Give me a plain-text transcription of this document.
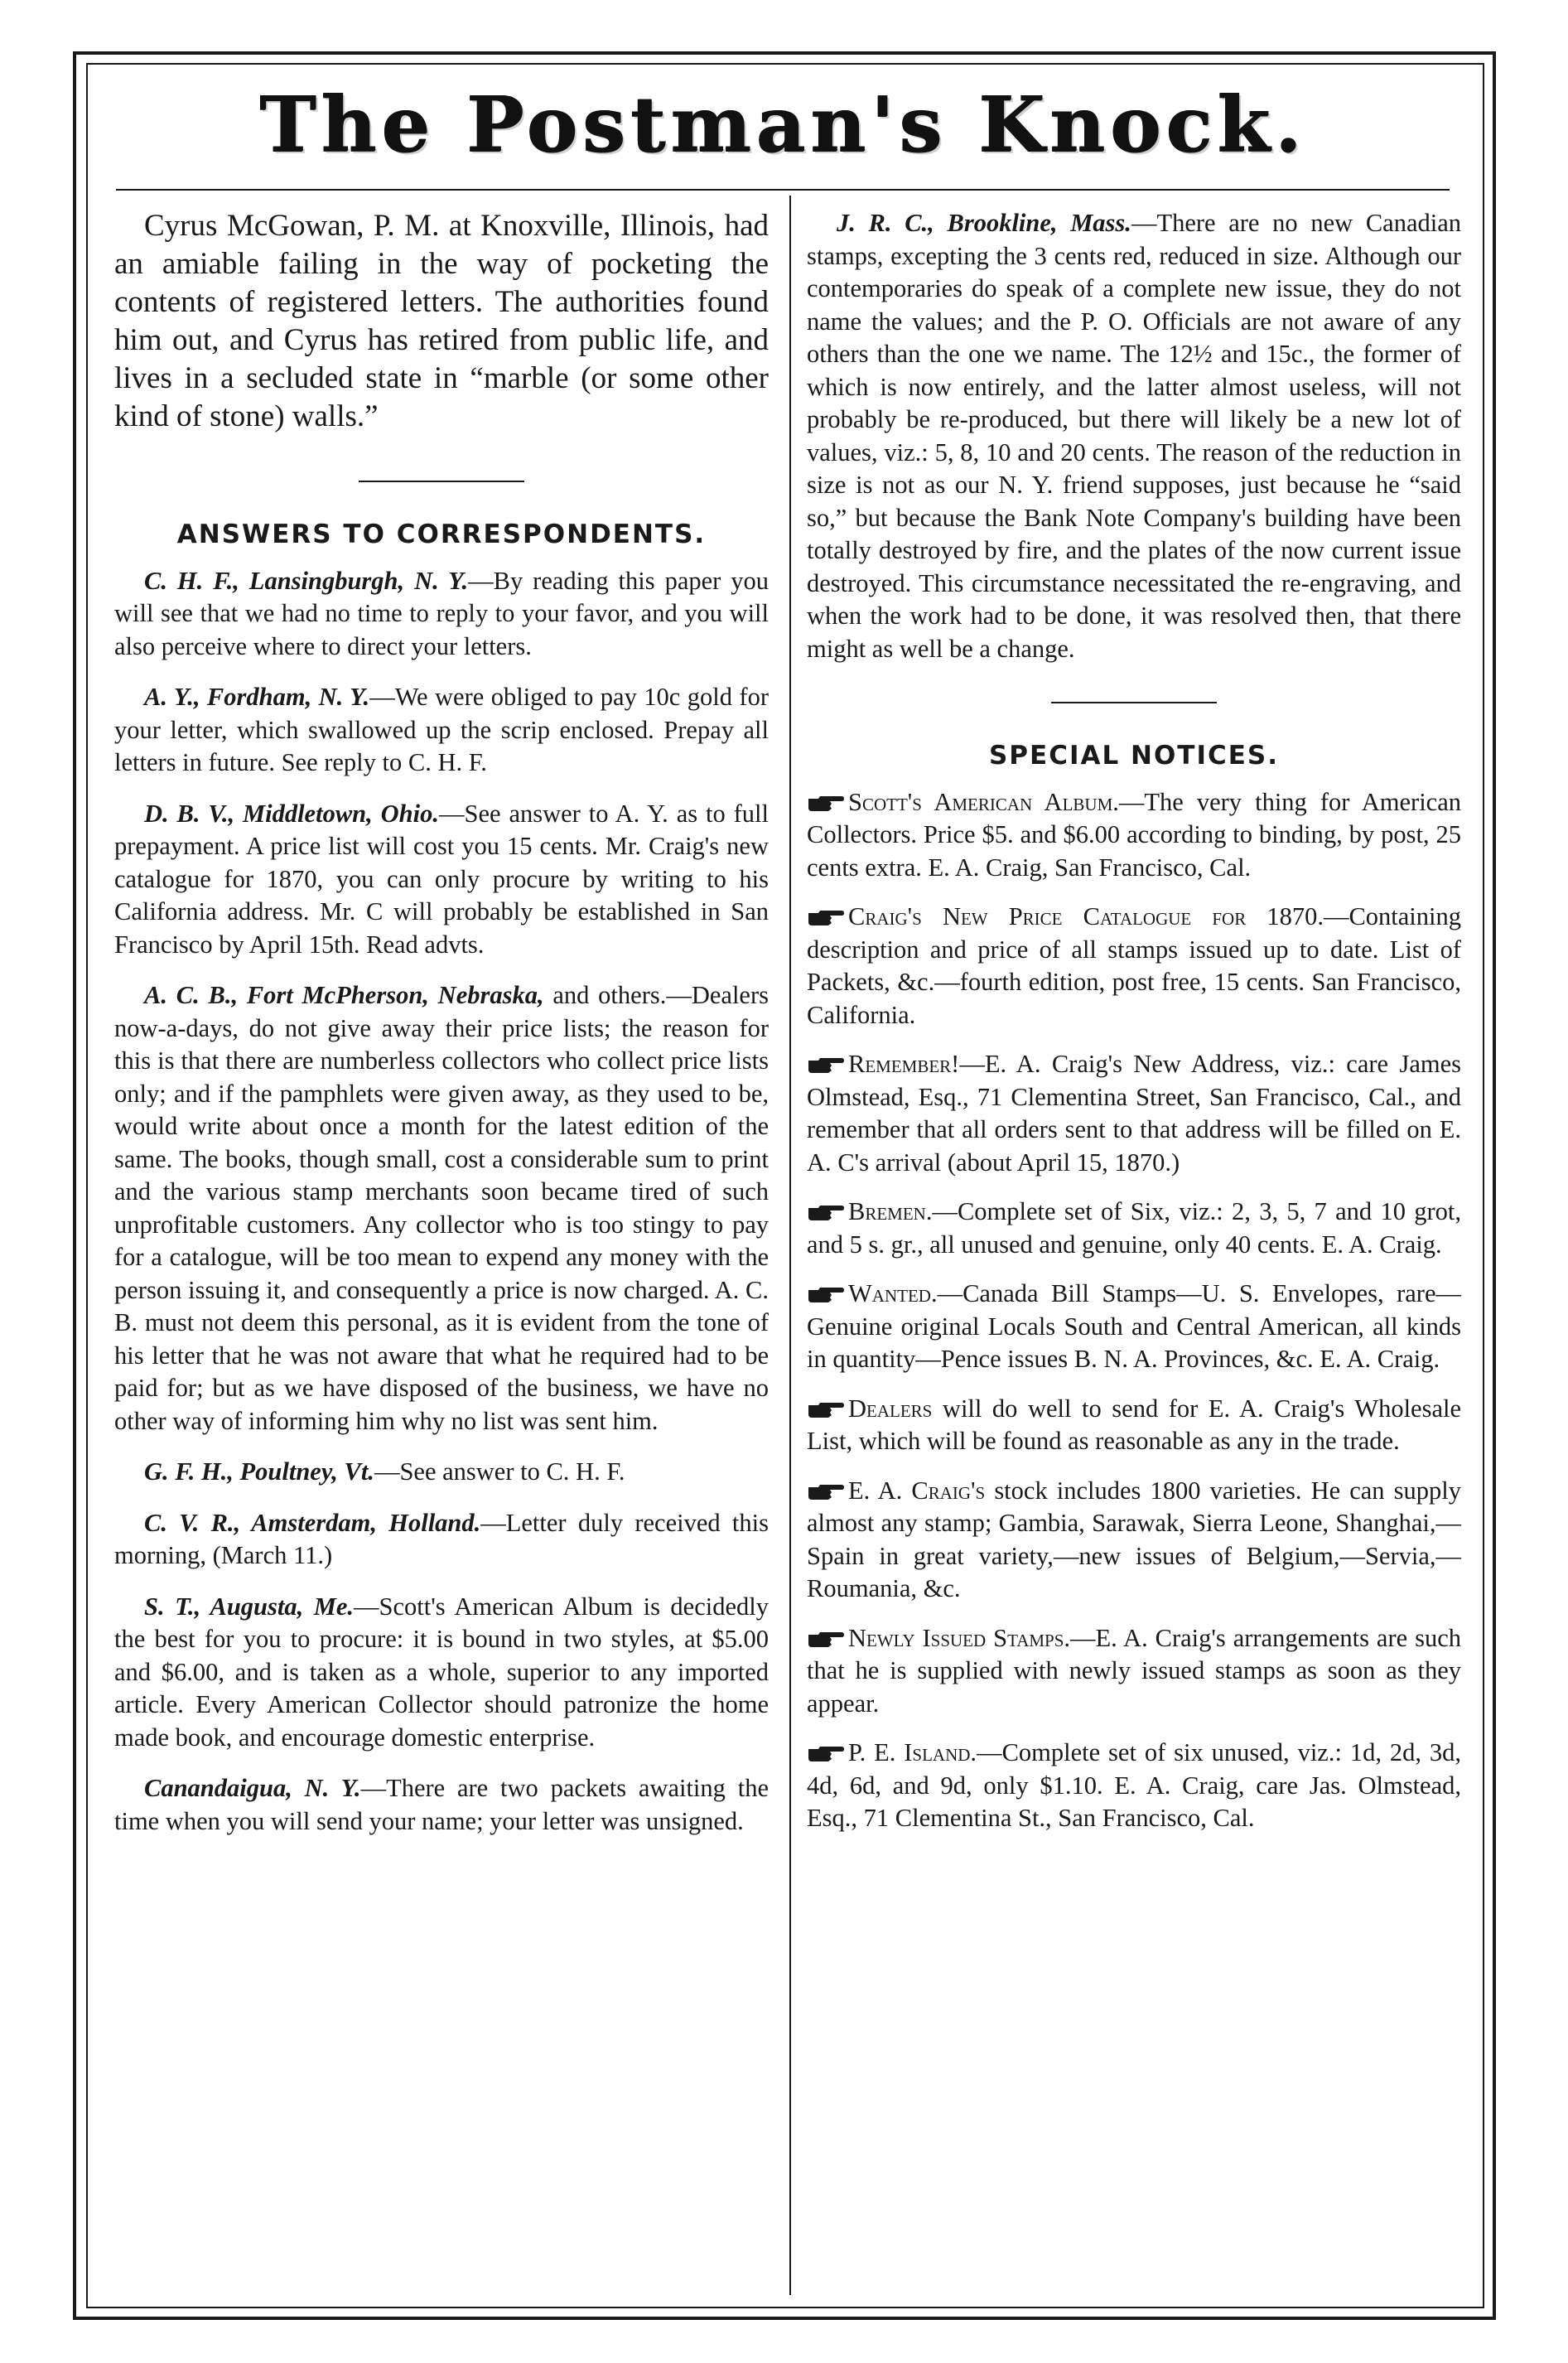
The Postman's Knock.

Cyrus McGowan, P. M. at Knoxville, Illinois, had an amiable failing in the way of pocketing the contents of registered letters. The authorities found him out, and Cyrus has retired from public life, and lives in a secluded state in “marble (or some other kind of stone) walls.”

ANSWERS TO CORRESPONDENTS.

C. H. F., Lansingburgh, N. Y.—By reading this paper you will see that we had no time to reply to your favor, and you will also perceive where to direct your letters.

A. Y., Fordham, N. Y.—We were obliged to pay 10c gold for your letter, which swallowed up the scrip enclosed. Prepay all letters in future. See reply to C. H. F.

D. B. V., Middletown, Ohio.—See answer to A. Y. as to full prepayment. A price list will cost you 15 cents. Mr. Craig's new catalogue for 1870, you can only procure by writing to his California address. Mr. C will probably be established in San Francisco by April 15th. Read advts.

A. C. B., Fort McPherson, Nebraska, and others.—Dealers now-a-days, do not give away their price lists; the reason for this is that there are numberless collectors who collect price lists only; and if the pamphlets were given away, as they used to be, would write about once a month for the latest edition of the same. The books, though small, cost a considerable sum to print and the various stamp merchants soon became tired of such unprofitable customers. Any collector who is too stingy to pay for a catalogue, will be too mean to expend any money with the person issuing it, and consequently a price is now charged. A. C. B. must not deem this personal, as it is evident from the tone of his letter that he was not aware that what he required had to be paid for; but as we have disposed of the business, we have no other way of informing him why no list was sent him.

G. F. H., Poultney, Vt.—See answer to C. H. F.

C. V. R., Amsterdam, Holland.—Letter duly received this morning, (March 11.)

S. T., Augusta, Me.—Scott's American Album is decidedly the best for you to procure: it is bound in two styles, at $5.00 and $6.00, and is taken as a whole, superior to any imported article. Every American Collector should patronize the home made book, and encourage domestic enterprise.

Canandaigua, N. Y.—There are two packets awaiting the time when you will send your name; your letter was unsigned.

J. R. C., Brookline, Mass.—There are no new Canadian stamps, excepting the 3 cents red, reduced in size. Although our contemporaries do speak of a complete new issue, they do not name the values; and the P. O. Officials are not aware of any others than the one we name. The 12½ and 15c., the former of which is now entirely, and the latter almost useless, will not probably be re-produced, but there will likely be a new lot of values, viz.: 5, 8, 10 and 20 cents. The reason of the reduction in size is not as our N. Y. friend supposes, just because he “said so,” but because the Bank Note Company's building have been totally destroyed by fire, and the plates of the now current issue destroyed. This circumstance necessitated the re-engraving, and when the work had to be done, it was resolved then, that there might as well be a change.

SPECIAL NOTICES.

Scott's American Album.—The very thing for American Collectors. Price $5. and $6.00 according to binding, by post, 25 cents extra. E. A. Craig, San Francisco, Cal.

Craig's New Price Catalogue for 1870.—Containing description and price of all stamps issued up to date. List of Packets, &c.—fourth edition, post free, 15 cents. San Francisco, California.

Remember!—E. A. Craig's New Address, viz.: care James Olmstead, Esq., 71 Clementina Street, San Francisco, Cal., and remember that all orders sent to that address will be filled on E. A. C's arrival (about April 15, 1870.)

Bremen.—Complete set of Six, viz.: 2, 3, 5, 7 and 10 grot, and 5 s. gr., all unused and genuine, only 40 cents. E. A. Craig.

Wanted.—Canada Bill Stamps—U. S. Envelopes, rare—Genuine original Locals South and Central American, all kinds in quantity—Pence issues B. N. A. Provinces, &c. E. A. Craig.

Dealers will do well to send for E. A. Craig's Wholesale List, which will be found as reasonable as any in the trade.

E. A. Craig's stock includes 1800 varieties. He can supply almost any stamp; Gambia, Sarawak, Sierra Leone, Shanghai,—Spain in great variety,—new issues of Belgium,—Servia,—Roumania, &c.

Newly Issued Stamps.—E. A. Craig's arrangements are such that he is supplied with newly issued stamps as soon as they appear.

P. E. Island.—Complete set of six unused, viz.: 1d, 2d, 3d, 4d, 6d, and 9d, only $1.10. E. A. Craig, care Jas. Olmstead, Esq., 71 Clementina St., San Francisco, Cal.
